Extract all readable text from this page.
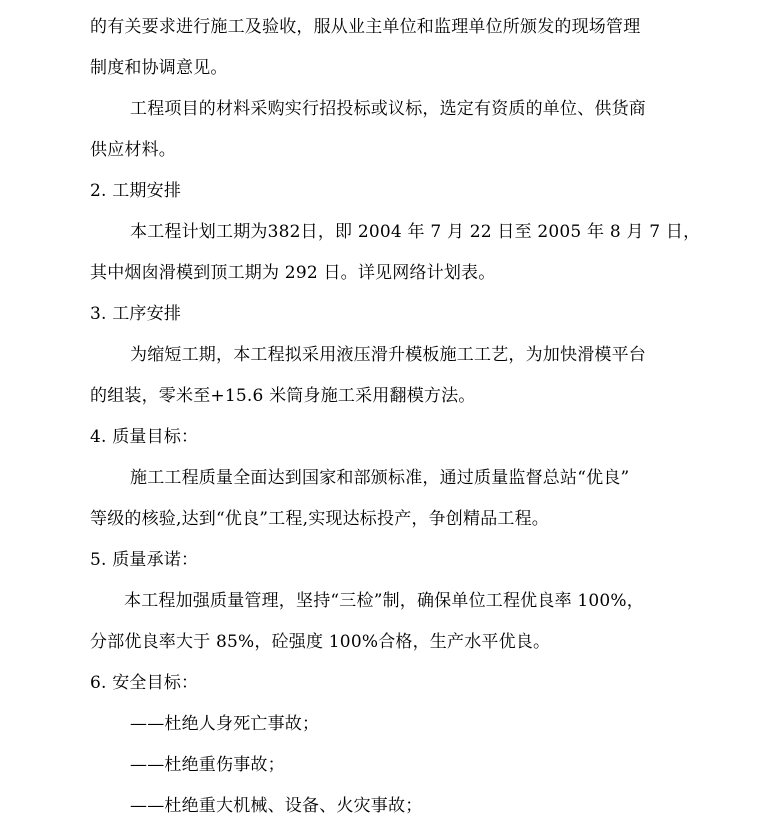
的有关要求进行施工及验收，服从业主单位和监理单位所颁发的现场管理
制度和协调意见。
工程项目的材料采购实行招投标或议标，选定有资质的单位、供货商
供应材料。
2. 工期安排
本工程计划工期为382日，即 2004 年 7 月 22 日至 2005 年 8 月 7 日，
其中烟囱滑模到顶工期为 292 日。详见网络计划表。
3. 工序安排
为缩短工期，本工程拟采用液压滑升模板施工工艺，为加快滑模平台
的组装，零米至+15.6 米筒身施工采用翻模方法。
4. 质量目标：
施工工程质量全面达到国家和部颁标准，通过质量监督总站“优良”
等级的核验,达到“优良”工程,实现达标投产，争创精品工程。
5. 质量承诺：
本工程加强质量管理，坚持“三检”制，确保单位工程优良率 100%，
分部优良率大于 85%，砼强度 100%合格，生产水平优良。
6. 安全目标：
——杜绝人身死亡事故；
——杜绝重伤事故；
——杜绝重大机械、设备、火灾事故；
